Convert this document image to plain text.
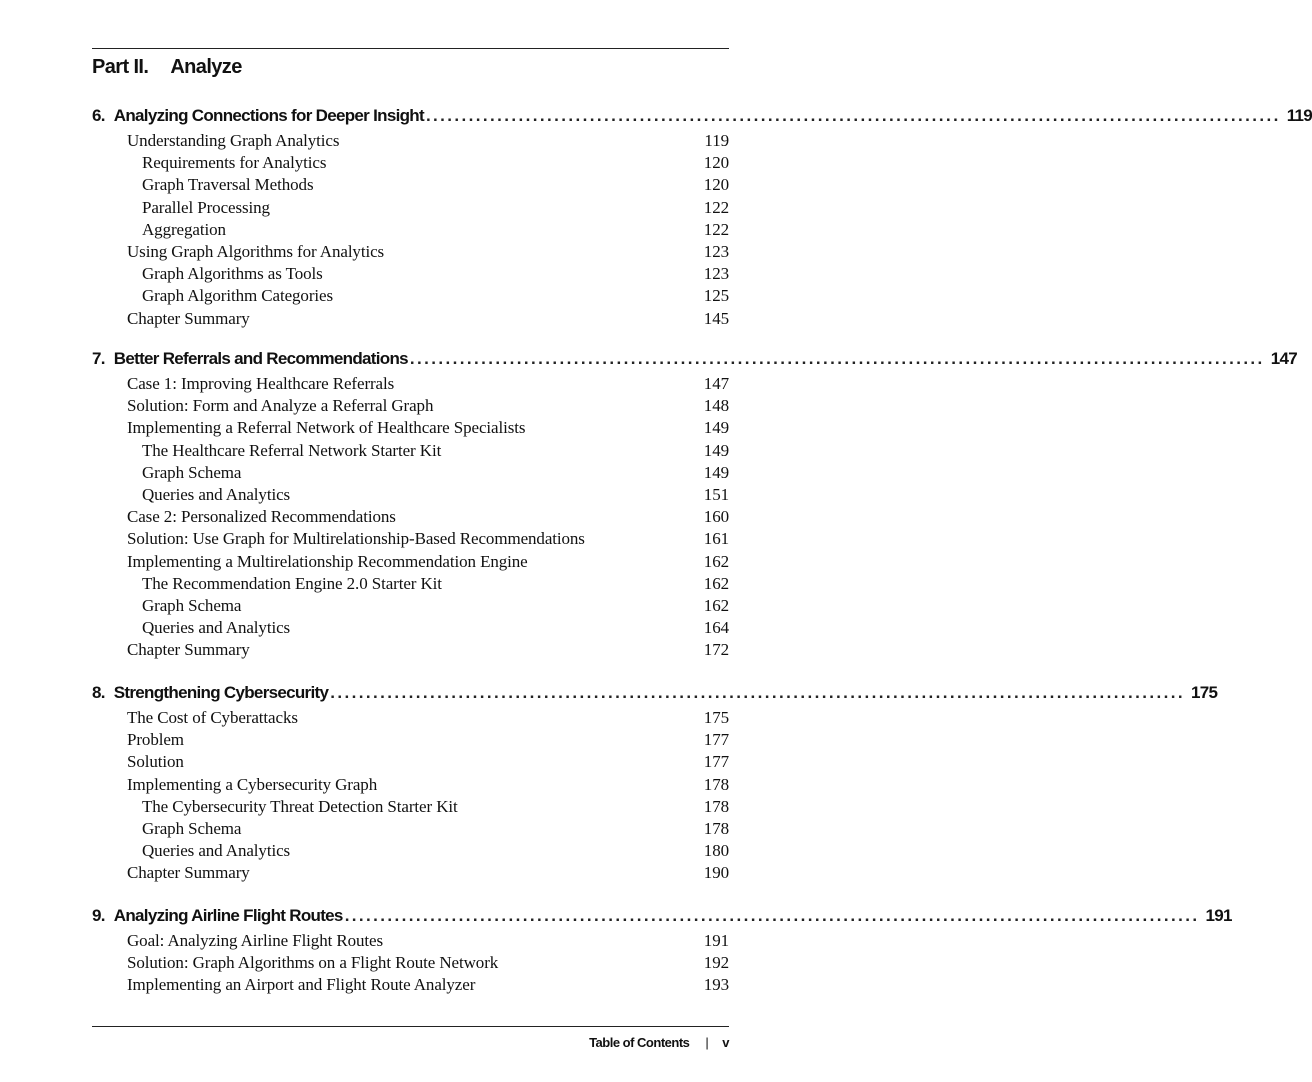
Part II. Analyze
6. Analyzing Connections for Deeper Insight ........................................................................................................................ 119
Understanding Graph Analytics	119
Requirements for Analytics	120
Graph Traversal Methods	120
Parallel Processing	122
Aggregation	122
Using Graph Algorithms for Analytics	123
Graph Algorithms as Tools	123
Graph Algorithm Categories	125
Chapter Summary	145
7. Better Referrals and Recommendations ........................................................................................................................ 147
Case 1: Improving Healthcare Referrals	147
Solution: Form and Analyze a Referral Graph	148
Implementing a Referral Network of Healthcare Specialists	149
The Healthcare Referral Network Starter Kit	149
Graph Schema	149
Queries and Analytics	151
Case 2: Personalized Recommendations	160
Solution: Use Graph for Multirelationship-Based Recommendations	161
Implementing a Multirelationship Recommendation Engine	162
The Recommendation Engine 2.0 Starter Kit	162
Graph Schema	162
Queries and Analytics	164
Chapter Summary	172
8. Strengthening Cybersecurity ........................................................................................................................ 175
The Cost of Cyberattacks	175
Problem	177
Solution	177
Implementing a Cybersecurity Graph	178
The Cybersecurity Threat Detection Starter Kit	178
Graph Schema	178
Queries and Analytics	180
Chapter Summary	190
9. Analyzing Airline Flight Routes ........................................................................................................................ 191
Goal: Analyzing Airline Flight Routes	191
Solution: Graph Algorithms on a Flight Route Network	192
Implementing an Airport and Flight Route Analyzer	193
Table of Contents | v
